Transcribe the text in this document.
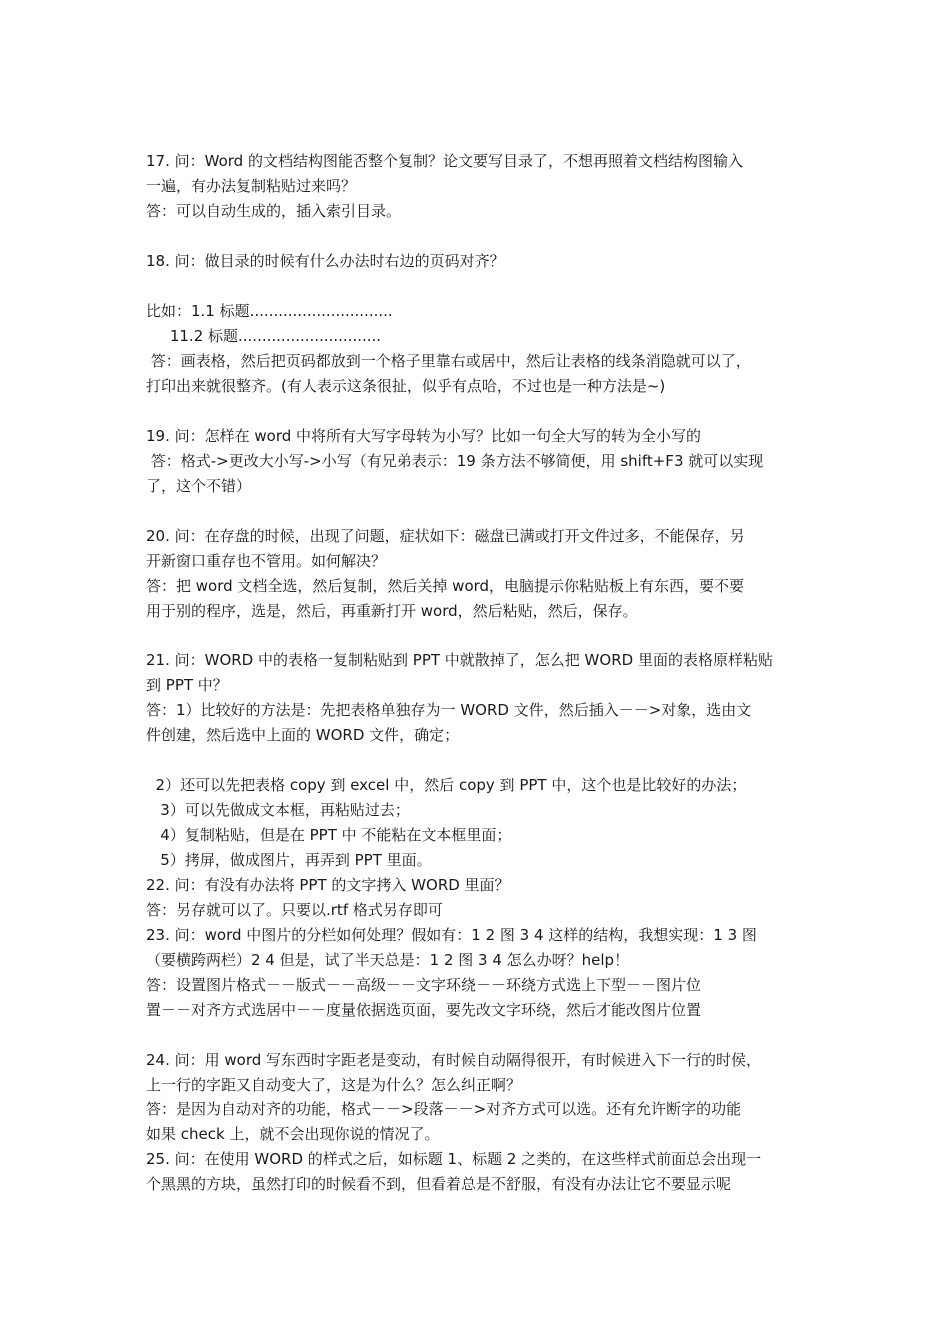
17. 问：Word 的文档结构图能否整个复制？论文要写目录了，不想再照着文档结构图输入
一遍，有办法复制粘贴过来吗？
答：可以自动生成的，插入索引目录。
18. 问：做目录的时候有什么办法时右边的页码对齐？
比如：1.1 标题..............................
11.2 标题..............................
答：画表格，然后把页码都放到一个格子里靠右或居中，然后让表格的线条消隐就可以了，
打印出来就很整齐。(有人表示这条很扯，似乎有点哈，不过也是一种方法是~)
19. 问：怎样在 word 中将所有大写字母转为小写？比如一句全大写的转为全小写的
答：格式->更改大小写->小写（有兄弟表示：19 条方法不够简便，用 shift+F3 就可以实现
了，这个不错）
20. 问：在存盘的时候，出现了问题，症状如下：磁盘已满或打开文件过多，不能保存，另
开新窗口重存也不管用。如何解决？
答：把 word 文档全选，然后复制，然后关掉 word，电脑提示你粘贴板上有东西，要不要
用于别的程序，选是，然后，再重新打开 word，然后粘贴，然后，保存。
21. 问：WORD 中的表格一复制粘贴到 PPT 中就散掉了，怎么把 WORD 里面的表格原样粘贴
到 PPT 中？
答：1）比较好的方法是：先把表格单独存为一 WORD 文件，然后插入－－>对象，选由文
件创建，然后选中上面的 WORD 文件，确定；
2）还可以先把表格 copy 到 excel 中，然后 copy 到 PPT 中，这个也是比较好的办法；
3）可以先做成文本框，再粘贴过去；
4）复制粘贴，但是在 PPT 中 不能粘在文本框里面；
5）拷屏，做成图片，再弄到 PPT 里面。
22. 问：有没有办法将 PPT 的文字拷入 WORD 里面？
答：另存就可以了。只要以.rtf 格式另存即可
23. 问：word 中图片的分栏如何处理？假如有：1 2 图 3 4 这样的结构，我想实现：1 3 图
（要横跨两栏）2 4 但是，试了半天总是：1 2 图 3 4 怎么办呀？help！
答：设置图片格式－－版式－－高级－－文字环绕－－环绕方式选上下型－－图片位
置－－对齐方式选居中－－度量依据选页面，要先改文字环绕，然后才能改图片位置
24. 问：用 word 写东西时字距老是变动，有时候自动隔得很开，有时候进入下一行的时侯，
上一行的字距又自动变大了，这是为什么？怎么纠正啊？
答：是因为自动对齐的功能，格式－－>段落－－>对齐方式可以选。还有允许断字的功能
如果 check 上，就不会出现你说的情况了。
25. 问：在使用 WORD 的样式之后，如标题 1、标题 2 之类的，在这些样式前面总会出现一
个黑黑的方块，虽然打印的时候看不到，但看着总是不舒服，有没有办法让它不要显示呢
